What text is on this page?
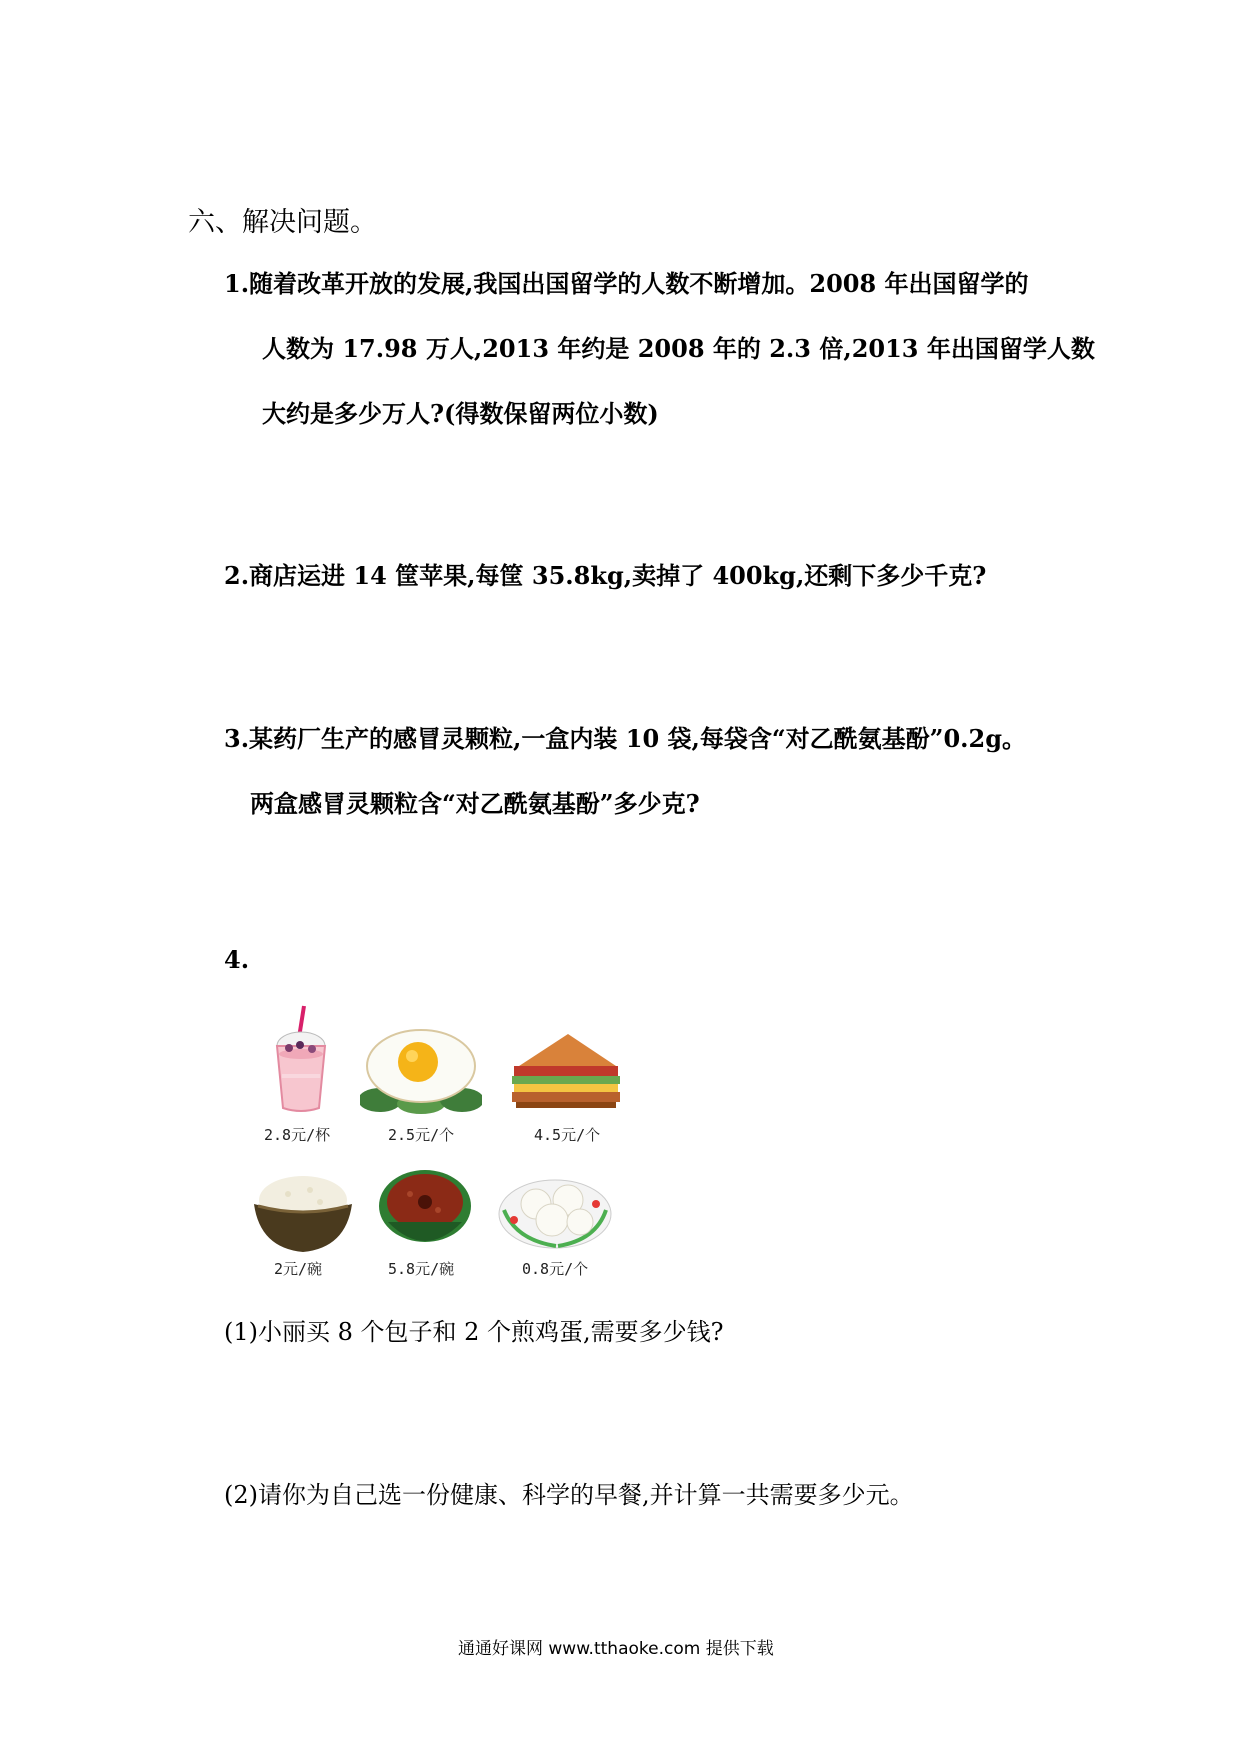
六、解决问题。
1.随着改革开放的发展,我国出国留学的人数不断增加。2008 年出国留学的
人数为 17.98 万人,2013 年约是 2008 年的 2.3 倍,2013 年出国留学人数
大约是多少万人?(得数保留两位小数)
2.商店运进 14 筐苹果,每筐 35.8kg,卖掉了 400kg,还剩下多少千克?
3.某药厂生产的感冒灵颗粒,一盒内装 10 袋,每袋含“对乙酰氨基酚”0.2g。
两盒感冒灵颗粒含“对乙酰氨基酚”多少克?
4.
2.8元/杯	2.5元/个	4.5元/个
2元/碗	5.8元/碗	0.8元/个
(1)小丽买 8 个包子和 2 个煎鸡蛋,需要多少钱?
(2)请你为自己选一份健康、科学的早餐,并计算一共需要多少元。
通通好课网 www.tthaoke.com 提供下载
